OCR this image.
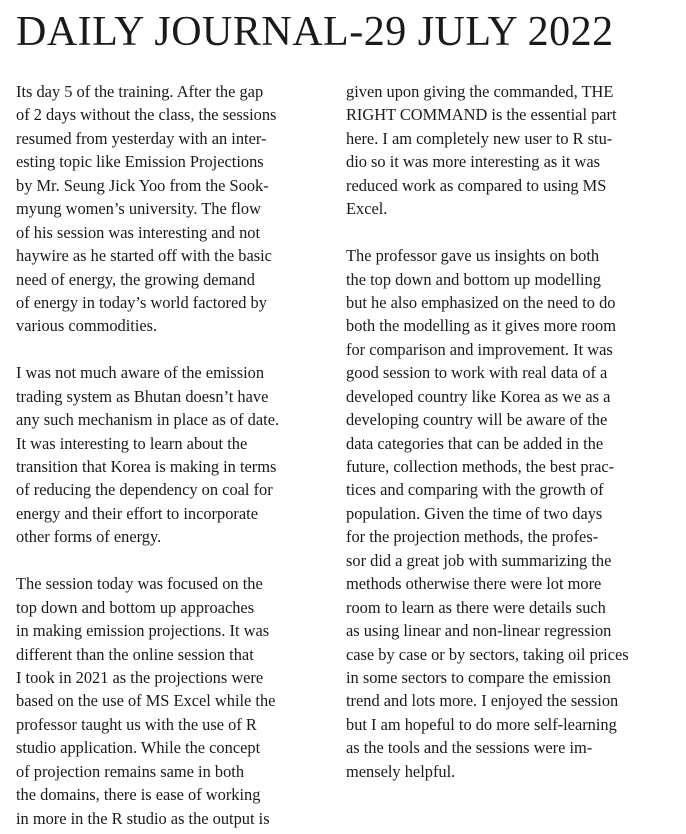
DAILY JOURNAL-29 JULY 2022
Its day 5 of the training. After the gap
of 2 days without the class, the sessions
resumed from yesterday with an inter-
esting topic like Emission Projections
by Mr. Seung Jick Yoo from the Sook-
myung women’s university. The flow
of his session was interesting and not
haywire as he started off with the basic
need of energy, the growing demand
of energy in today’s world factored by
various commodities.
I was not much aware of the emission
trading system as Bhutan doesn’t have
any such mechanism in place as of date.
It was interesting to learn about the
transition that Korea is making in terms
of reducing the dependency on coal for
energy and their effort to incorporate
other forms of energy.
The session today was focused on the
top down and bottom up approaches
in making emission projections. It was
different than the online session that
I took in 2021 as the projections were
based on the use of MS Excel while the
professor taught us with the use of R
studio application. While the concept
of projection remains same in both
the domains, there is ease of working
in more in the R studio as the output is
given upon giving the commanded, THE
RIGHT COMMAND is the essential part
here. I am completely new user to R stu-
dio so it was more interesting as it was
reduced work as compared to using MS
Excel.
The professor gave us insights on both
the top down and bottom up modelling
but he also emphasized on the need to do
both the modelling as it gives more room
for comparison and improvement. It was
good session to work with real data of a
developed country like Korea as we as a
developing country will be aware of the
data categories that can be added in the
future, collection methods, the best prac-
tices and comparing with the growth of
population. Given the time of two days
for the projection methods, the profes-
sor did a great job with summarizing the
methods otherwise there were lot more
room to learn as there were details such
as using linear and non-linear regression
case by case or by sectors, taking oil prices
in some sectors to compare the emission
trend and lots more. I enjoyed the session
but I am hopeful to do more self-learning
as the tools and the sessions were im-
mensely helpful.
